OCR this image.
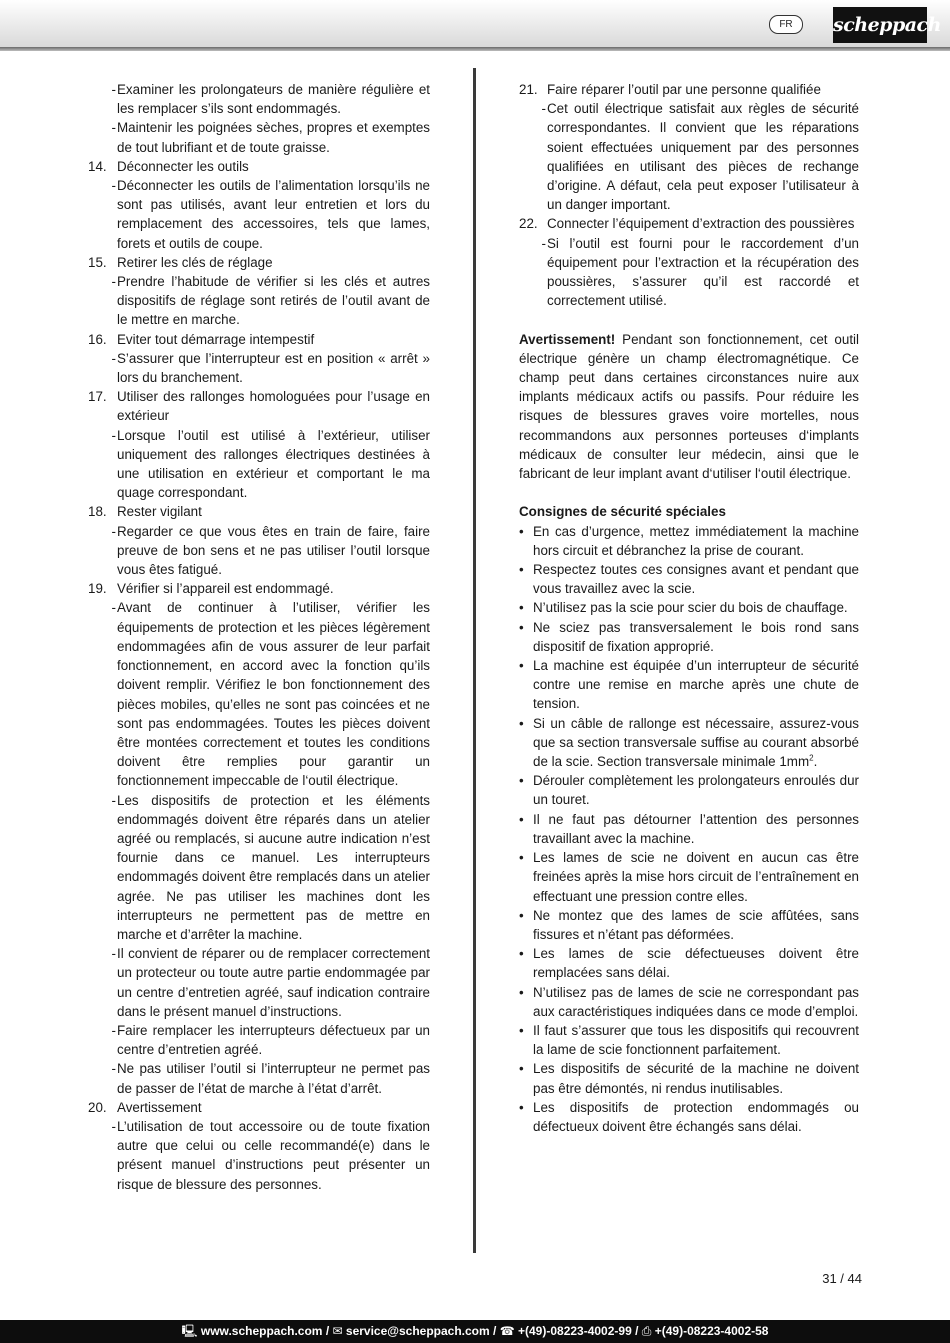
FR	scheppach
- Examiner les prolongateurs de manière régulière et les remplacer s’ils sont endommagés.
- Maintenir les poignées sèches, propres et exemptes de tout lubrifiant et de toute graisse.
14. Déconnecter les outils
- Déconnecter les outils de l’alimentation lorsqu’ils ne sont pas utilisés, avant leur entretien et lors du remplacement des accessoires, tels que lames, forets et outils de coupe.
15. Retirer les clés de réglage
- Prendre l’habitude de vérifier si les clés et autres dispositifs de réglage sont retirés de l’outil avant de le mettre en marche.
16. Eviter tout démarrage intempestif
- S’assurer que l’interrupteur est en position « arrêt » lors du branchement.
17. Utiliser des rallonges homologuées pour l’usage en extérieur
- Lorsque l’outil est utilisé à l’extérieur, utiliser uniquement des rallonges électriques destinées à une utilisation en extérieur et comportant le ma quage correspondant.
18. Rester vigilant
- Regarder ce que vous êtes en train de faire, faire preuve de bon sens et ne pas utiliser l’outil lorsque vous êtes fatigué.
19. Vérifier si l’appareil est endommagé.
- Avant de continuer à l’utiliser, vérifier les équipements de protection et les pièces légèrement endommagées afin de vous assurer de leur parfait fonctionnement, en accord avec la fonction qu’ils doivent remplir. Vérifiez le bon fonctionnement des pièces mobiles, qu’elles ne sont pas coincées et ne sont pas endommagées. Toutes les pièces doivent être montées correctement et toutes les conditions doivent être remplies pour garantir un fonctionnement impeccable de l‘outil électrique.
- Les dispositifs de protection et les éléments endommagés doivent être réparés dans un atelier agréé ou remplacés, si aucune autre indication n’est fournie dans ce manuel. Les interrupteurs endommagés doivent être remplacés dans un atelier agrée. Ne pas utiliser les machines dont les interrupteurs ne permettent pas de mettre en marche et d’arrêter la machine.
- Il convient de réparer ou de remplacer correctement un protecteur ou toute autre partie endommagée par un centre d’entretien agréé, sauf indication contraire dans le présent manuel d’instructions.
- Faire remplacer les interrupteurs défectueux par un centre d’entretien agréé.
- Ne pas utiliser l’outil si l’interrupteur ne permet pas de passer de l’état de marche à l’état d’arrêt.
20. Avertissement
- L’utilisation de tout accessoire ou de toute fixation autre que celui ou celle recommandé(e) dans le présent manuel d’instructions peut présenter un risque de blessure des personnes.
21. Faire réparer l’outil par une personne qualifiée
- Cet outil électrique satisfait aux règles de sécurité correspondantes. Il convient que les réparations soient effectuées uniquement par des personnes qualifiées en utilisant des pièces de rechange d’origine. A défaut, cela peut exposer l’utilisateur à un danger important.
22. Connecter l’équipement d’extraction des poussières
- Si l’outil est fourni pour le raccordement d’un équipement pour l’extraction et la récupération des poussières, s’assurer qu’il est raccordé et correctement utilisé.
Avertissement! Pendant son fonctionnement, cet outil électrique génère un champ électromagnétique. Ce champ peut dans certaines circonstances nuire aux implants médicaux actifs ou passifs. Pour réduire les risques de blessures graves voire mortelles, nous recommandons aux personnes porteuses d‘implants médicaux de consulter leur médecin, ainsi que le fabricant de leur implant avant d‘utiliser l‘outil électrique.
Consignes de sécurité spéciales
• En cas d’urgence, mettez immédiatement la machine hors circuit et débranchez la prise de courant.
• Respectez toutes ces consignes avant et pendant que vous travaillez avec la scie.
• N’utilisez pas la scie pour scier du bois de chauffage.
• Ne sciez pas transversalement le bois rond sans dispositif de fixation approprié.
• La machine est équipée d’un interrupteur de sécurité contre une remise en marche après une chute de tension.
• Si un câble de rallonge est nécessaire, assurez-vous que sa section transversale suffise au courant absorbé de la scie. Section transversale minimale $1mm^2$.
• Dérouler complètement les prolongateurs enroulés dur un touret.
• Il ne faut pas détourner l’attention des personnes travaillant avec la machine.
• Les lames de scie ne doivent en aucun cas être freinées après la mise hors circuit de l’entraînement en effectuant une pression contre elles.
• Ne montez que des lames de scie affûtées, sans fissures et n’étant pas déformées.
• Les lames de scie défectueuses doivent être remplacées sans délai.
• N’utilisez pas de lames de scie ne correspondant pas aux caractéristiques indiquées dans ce mode d’emploi.
• Il faut s’assurer que tous les dispositifs qui recouvrent la lame de scie fonctionnent parfaitement.
• Les dispositifs de sécurité de la machine ne doivent pas être démontés, ni rendus inutilisables.
• Les dispositifs de protection endommagés ou défectueux doivent être échangés sans délai.
31 / 44
🖳 www.scheppach.com / ✉ service@scheppach.com / ☎ +(49)-08223-4002-99 / ⎙ +(49)-08223-4002-58
